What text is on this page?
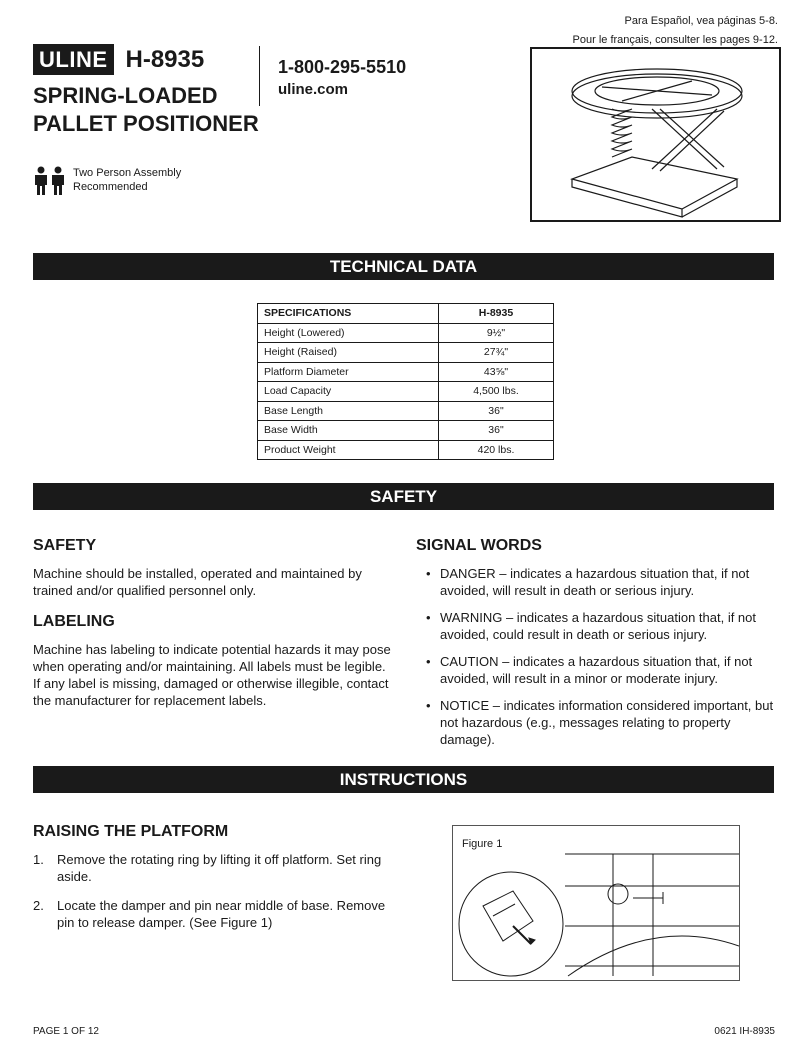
Para Español, vea páginas 5-8.
Pour le français, consulter les pages 9-12.
ULINE H-8935
SPRING-LOADED
PALLET POSITIONER
1-800-295-5510
uline.com
Two Person Assembly
Recommended
TECHNICAL DATA
SPECIFICATIONS	H-8935
Height (Lowered)	9½"
Height (Raised)	27¾"
Platform Diameter	43⅝"
Load Capacity	4,500 lbs.
Base Length	36"
Base Width	36"
Product Weight	420 lbs.
SAFETY
SAFETY

Machine should be installed, operated and maintained by trained and/or qualified personnel only.

LABELING

Machine has labeling to indicate potential hazards it may pose when operating and/or maintaining. All labels must be legible. If any label is missing, damaged or otherwise illegible, contact the manufacturer for replacement labels.

SIGNAL WORDS
• DANGER – indicates a hazardous situation that, if not avoided, will result in death or serious injury.
• WARNING – indicates a hazardous situation that, if not avoided, could result in death or serious injury.
• CAUTION – indicates a hazardous situation that, if not avoided, will result in a minor or moderate injury.
• NOTICE – indicates information considered important, but not hazardous (e.g., messages relating to property damage).
INSTRUCTIONS
RAISING THE PLATFORM
1. Remove the rotating ring by lifting it off platform. Set ring aside.
2. Locate the damper and pin near middle of base. Remove pin to release damper. (See Figure 1)
Figure 1
PAGE 1 OF 12	0621 IH-8935
